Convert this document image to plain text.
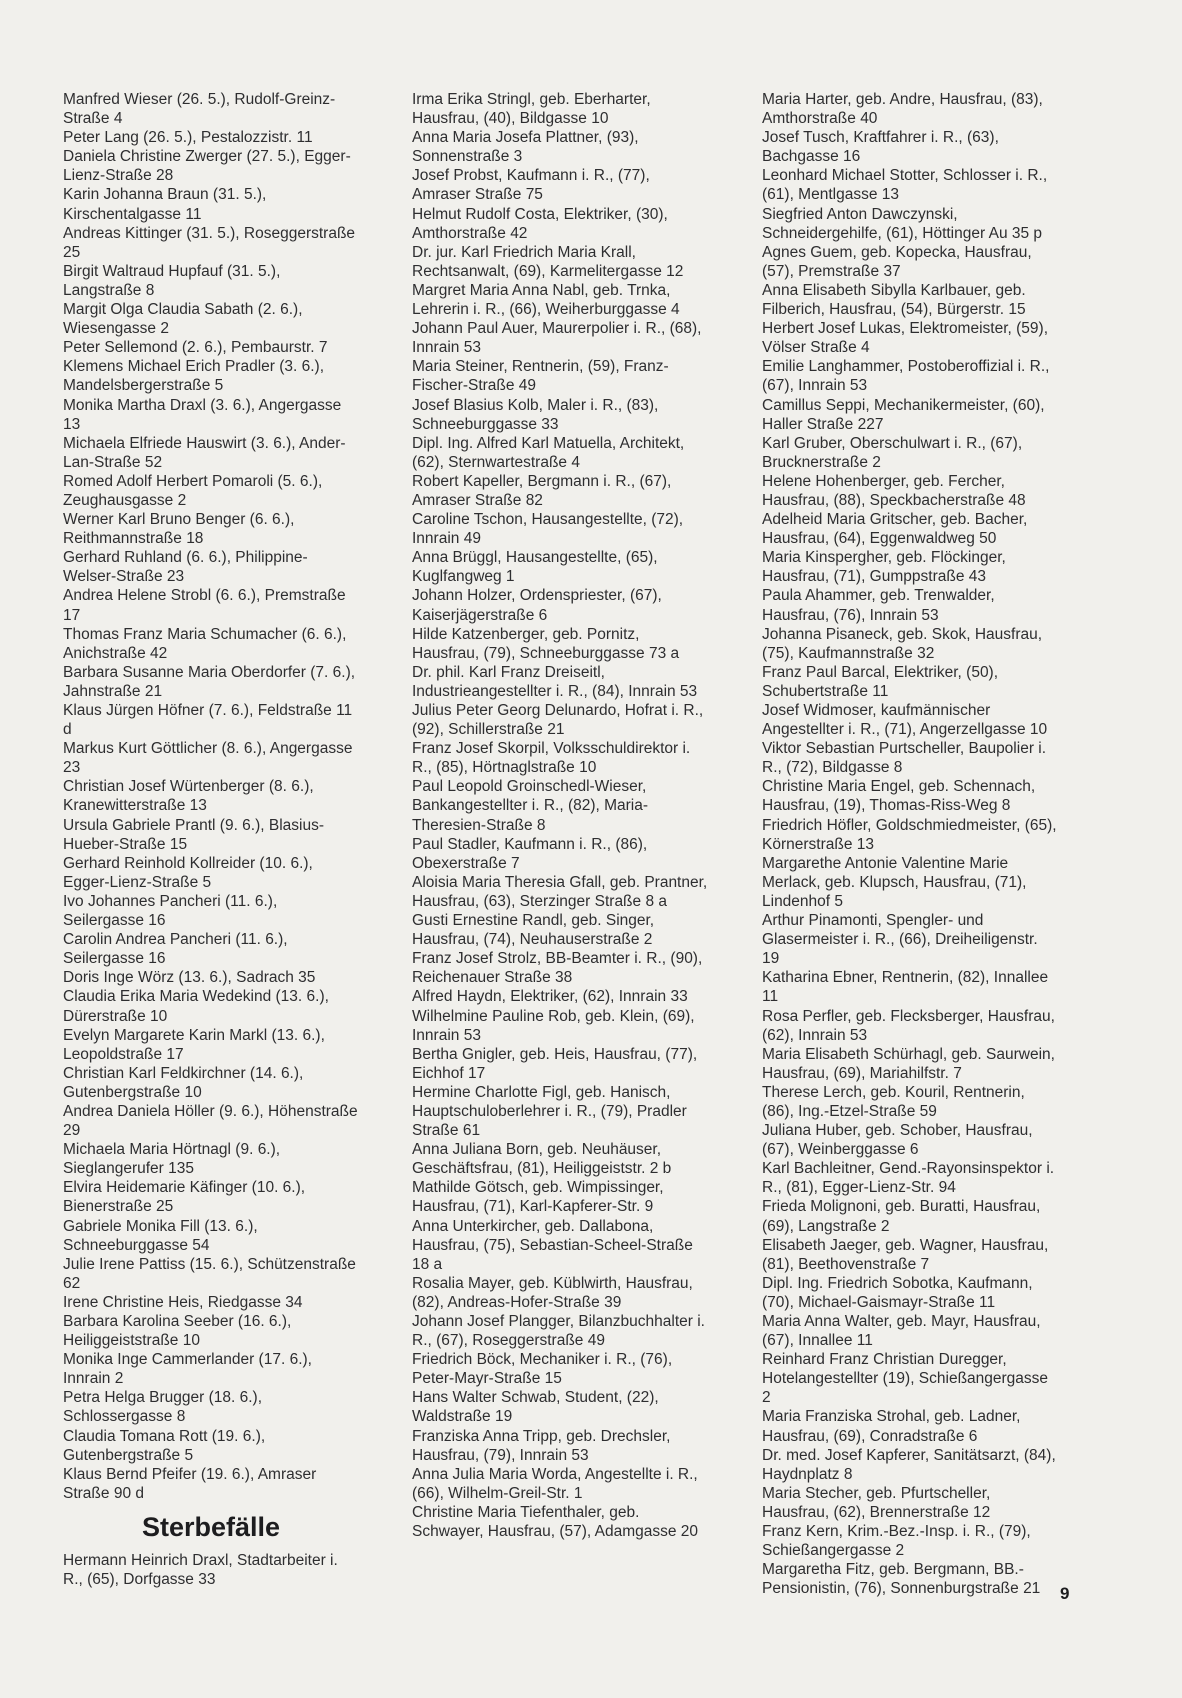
Manfred Wieser (26. 5.), Rudolf-Greinz-Straße 4

Peter Lang (26. 5.), Pestalozzistr. 11

Daniela Christine Zwerger (27. 5.), Egger-Lienz-Straße 28

Karin Johanna Braun (31. 5.), Kirschentalgasse 11

Andreas Kittinger (31. 5.), Roseggerstraße 25

Birgit Waltraud Hupfauf (31. 5.), Langstraße 8

Margit Olga Claudia Sabath (2. 6.), Wiesengasse 2

Peter Sellemond (2. 6.), Pembaurstr. 7

Klemens Michael Erich Pradler (3. 6.), Mandelsbergerstraße 5

Monika Martha Draxl (3. 6.), Angergasse 13

Michaela Elfriede Hauswirt (3. 6.), Ander-Lan-Straße 52

Romed Adolf Herbert Pomaroli (5. 6.), Zeughausgasse 2

Werner Karl Bruno Benger (6. 6.), Reithmannstraße 18

Gerhard Ruhland (6. 6.), Philippine-Welser-Straße 23

Andrea Helene Strobl (6. 6.), Premstraße 17

Thomas Franz Maria Schumacher (6. 6.), Anichstraße 42

Barbara Susanne Maria Oberdorfer (7. 6.), Jahnstraße 21

Klaus Jürgen Höfner (7. 6.), Feldstraße 11 d

Markus Kurt Göttlicher (8. 6.), Angergasse 23

Christian Josef Würtenberger (8. 6.), Kranewitterstraße 13

Ursula Gabriele Prantl (9. 6.), Blasius-Hueber-Straße 15

Gerhard Reinhold Kollreider (10. 6.), Egger-Lienz-Straße 5

Ivo Johannes Pancheri (11. 6.), Seilergasse 16

Carolin Andrea Pancheri (11. 6.), Seilergasse 16

Doris Inge Wörz (13. 6.), Sadrach 35

Claudia Erika Maria Wedekind (13. 6.), Dürerstraße 10

Evelyn Margarete Karin Markl (13. 6.), Leopoldstraße 17

Christian Karl Feldkirchner (14. 6.), Gutenbergstraße 10

Andrea Daniela Höller (9. 6.), Höhenstraße 29

Michaela Maria Hörtnagl (9. 6.), Sieglangerufer 135

Elvira Heidemarie Käfinger (10. 6.), Bienerstraße 25

Gabriele Monika Fill (13. 6.), Schneeburggasse 54

Julie Irene Pattiss (15. 6.), Schützenstraße 62

Irene Christine Heis, Riedgasse 34

Barbara Karolina Seeber (16. 6.), Heiliggeiststraße 10

Monika Inge Cammerlander (17. 6.), Innrain 2

Petra Helga Brugger (18. 6.), Schlossergasse 8

Claudia Tomana Rott (19. 6.), Gutenbergstraße 5

Klaus Bernd Pfeifer (19. 6.), Amraser Straße 90 d

Sterbefälle

Hermann Heinrich Draxl, Stadtarbeiter i. R., (65), Dorfgasse 33

Irma Erika Stringl, geb. Eberharter, Hausfrau, (40), Bildgasse 10

Anna Maria Josefa Plattner, (93), Sonnenstraße 3

Josef Probst, Kaufmann i. R., (77), Amraser Straße 75

Helmut Rudolf Costa, Elektriker, (30), Amthorstraße 42

Dr. jur. Karl Friedrich Maria Krall, Rechtsanwalt, (69), Karmelitergasse 12

Margret Maria Anna Nabl, geb. Trnka, Lehrerin i. R., (66), Weiherburggasse 4

Johann Paul Auer, Maurerpolier i. R., (68), Innrain 53

Maria Steiner, Rentnerin, (59), Franz-Fischer-Straße 49

Josef Blasius Kolb, Maler i. R., (83), Schneeburggasse 33

Dipl. Ing. Alfred Karl Matuella, Architekt, (62), Sternwartestraße 4

Robert Kapeller, Bergmann i. R., (67), Amraser Straße 82

Caroline Tschon, Hausangestellte, (72), Innrain 49

Anna Brüggl, Hausangestellte, (65), Kuglfangweg 1

Johann Holzer, Ordenspriester, (67), Kaiserjägerstraße 6

Hilde Katzenberger, geb. Pornitz, Hausfrau, (79), Schneeburggasse 73 a

Dr. phil. Karl Franz Dreiseitl, Industrieangestellter i. R., (84), Innrain 53

Julius Peter Georg Delunardo, Hofrat i. R., (92), Schillerstraße 21

Franz Josef Skorpil, Volksschuldirektor i. R., (85), Hörtnaglstraße 10

Paul Leopold Groinschedl-Wieser, Bankangestellter i. R., (82), Maria-Theresien-Straße 8

Paul Stadler, Kaufmann i. R., (86), Obexerstraße 7

Aloisia Maria Theresia Gfall, geb. Prantner, Hausfrau, (63), Sterzinger Straße 8 a

Gusti Ernestine Randl, geb. Singer, Hausfrau, (74), Neuhauserstraße 2

Franz Josef Strolz, BB-Beamter i. R., (90), Reichenauer Straße 38

Alfred Haydn, Elektriker, (62), Innrain 33

Wilhelmine Pauline Rob, geb. Klein, (69), Innrain 53

Bertha Gnigler, geb. Heis, Hausfrau, (77), Eichhof 17

Hermine Charlotte Figl, geb. Hanisch, Hauptschuloberlehrer i. R., (79), Pradler Straße 61

Anna Juliana Born, geb. Neuhäuser, Geschäftsfrau, (81), Heiliggeiststr. 2 b

Mathilde Götsch, geb. Wimpissinger, Hausfrau, (71), Karl-Kapferer-Str. 9

Anna Unterkircher, geb. Dallabona, Hausfrau, (75), Sebastian-Scheel-Straße 18 a

Rosalia Mayer, geb. Küblwirth, Hausfrau, (82), Andreas-Hofer-Straße 39

Johann Josef Plangger, Bilanzbuchhalter i. R., (67), Roseggerstraße 49

Friedrich Böck, Mechaniker i. R., (76), Peter-Mayr-Straße 15

Hans Walter Schwab, Student, (22), Waldstraße 19

Franziska Anna Tripp, geb. Drechsler, Hausfrau, (79), Innrain 53

Anna Julia Maria Worda, Angestellte i. R., (66), Wilhelm-Greil-Str. 1

Christine Maria Tiefenthaler, geb. Schwayer, Hausfrau, (57), Adamgasse 20

Maria Harter, geb. Andre, Hausfrau, (83), Amthorstraße 40

Josef Tusch, Kraftfahrer i. R., (63), Bachgasse 16

Leonhard Michael Stotter, Schlosser i. R., (61), Mentlgasse 13

Siegfried Anton Dawczynski, Schneidergehilfe, (61), Höttinger Au 35 p

Agnes Guem, geb. Kopecka, Hausfrau, (57), Premstraße 37

Anna Elisabeth Sibylla Karlbauer, geb. Filberich, Hausfrau, (54), Bürgerstr. 15

Herbert Josef Lukas, Elektromeister, (59), Völser Straße 4

Emilie Langhammer, Postoberoffizial i. R., (67), Innrain 53

Camillus Seppi, Mechanikermeister, (60), Haller Straße 227

Karl Gruber, Oberschulwart i. R., (67), Brucknerstraße 2

Helene Hohenberger, geb. Fercher, Hausfrau, (88), Speckbacherstraße 48

Adelheid Maria Gritscher, geb. Bacher, Hausfrau, (64), Eggenwaldweg 50

Maria Kinspergher, geb. Flöckinger, Hausfrau, (71), Gumppstraße 43

Paula Ahammer, geb. Trenwalder, Hausfrau, (76), Innrain 53

Johanna Pisaneck, geb. Skok, Hausfrau, (75), Kaufmannstraße 32

Franz Paul Barcal, Elektriker, (50), Schubertstraße 11

Josef Widmoser, kaufmännischer Angestellter i. R., (71), Angerzellgasse 10

Viktor Sebastian Purtscheller, Baupolier i. R., (72), Bildgasse 8

Christine Maria Engel, geb. Schennach, Hausfrau, (19), Thomas-Riss-Weg 8

Friedrich Höfler, Goldschmiedmeister, (65), Körnerstraße 13

Margarethe Antonie Valentine Marie Merlack, geb. Klupsch, Hausfrau, (71), Lindenhof 5

Arthur Pinamonti, Spengler- und Glasermeister i. R., (66), Dreiheiligenstr. 19

Katharina Ebner, Rentnerin, (82), Innallee 11

Rosa Perfler, geb. Flecksberger, Hausfrau, (62), Innrain 53

Maria Elisabeth Schürhagl, geb. Saurwein, Hausfrau, (69), Mariahilfstr. 7

Therese Lerch, geb. Kouril, Rentnerin, (86), Ing.-Etzel-Straße 59

Juliana Huber, geb. Schober, Hausfrau, (67), Weinberggasse 6

Karl Bachleitner, Gend.-Rayonsinspektor i. R., (81), Egger-Lienz-Str. 94

Frieda Molignoni, geb. Buratti, Hausfrau, (69), Langstraße 2

Elisabeth Jaeger, geb. Wagner, Hausfrau, (81), Beethovenstraße 7

Dipl. Ing. Friedrich Sobotka, Kaufmann, (70), Michael-Gaismayr-Straße 11

Maria Anna Walter, geb. Mayr, Hausfrau, (67), Innallee 11

Reinhard Franz Christian Duregger, Hotelangestellter (19), Schießangergasse 2

Maria Franziska Strohal, geb. Ladner, Hausfrau, (69), Conradstraße 6

Dr. med. Josef Kapferer, Sanitätsarzt, (84), Haydnplatz 8

Maria Stecher, geb. Pfurtscheller, Hausfrau, (62), Brennerstraße 12

Franz Kern, Krim.-Bez.-Insp. i. R., (79), Schießangergasse 2

Margaretha Fitz, geb. Bergmann, BB.-Pensionistin, (76), Sonnenburgstraße 21	9
